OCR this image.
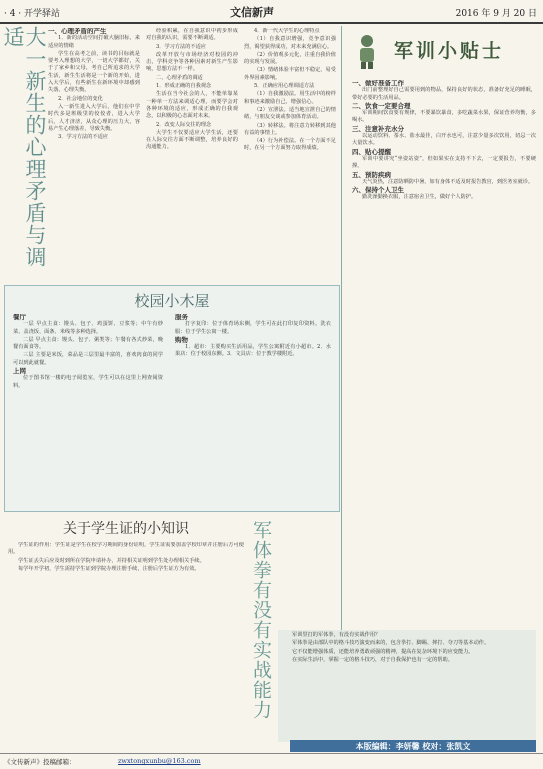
· 4 · 开学驿站	文信新声	2016 年 9 月 20 日
大一新生的心理矛盾与调适	一、心理矛盾的产生

1．新的活动空间打破大脑旧标，来适应的情绪

学生在高考之前，读书的目标就是要考入理想的大学，一切大学都好，关于了家乡和父母，考自己所追求的大学生活，新生生活将是一个新的开始，进入大学后，有些新生在新环境中却感到失落，心理失衡。

2．社会地位的变化

入一新生进入大学后，他们在中学时代多是班级里的佼佼者，进入大学后，人才济济，从众心理的压力大，容易产生心理落差，导致失衡。

3．学习方法的不适应

经验积累，在自我意识中初步形成对自我的认识，需要不断调适。

3．学习方法的不适应

改革开放与市场经济对校园的冲击，学科竞争等各种因素对新生产生影响，思想方法不一样。

二、心理矛盾的调适

1．形成正确的自我观念

生活在当今社会的人，不能单靠某一种单一方法来调适心理，而要学会对各种环境的适应，形成正确的自我观念，以积极的心态面对未来。

2．改变人际交往的理念

大学生不仅要适应大学生活，还要在人际交往方面不断调整，培养良好的沟通能力。

4．新一代大学生的心理特点

（1）自我意识增强，竞争意识强烈，渴望获得成功，对未来充满信心。

（2）价值观多元化，注重自我价值的实现与发展。

（3）情绪体验丰富但不稳定，易受外界因素影响。

5．正确应用心理调适方法

（1）自我激励法。用生活中的榜样和事迹来激励自己，增强信心。

（2）宣泄法。适当地宣泄自己的情绪，与朋友交谈或参加体育活动。

（3）转移法。将注意力转移到其他有益的事情上。

（4）行为补偿法。在一个方面不足时，在另一个方面努力取得成绩。

军训小贴士
一、做好准备工作

出门前整理好自己需要用到的物品，保持良好的状态，准备好充足的睡眠，带好必要的生活用品。

二、饮食一定要合理

军训期间饮食要有规律，不要暴饮暴食，多吃蔬菜水果，保证营养均衡，多喝水。

三、注意补充水分

以运动饮料、茶水、盐水最佳，白开水也可，注意少量多次饮用，切忌一次大量饮水。

四、贴心提醒

军训中要讲究“坐姿站姿”，但如果实在支持不下去，一定要报告，不要硬撑。

五、预防疾病

天气炎热，注意防晒防中暑，如有身体不适及时报告教官，到医务室就诊。

六、保持个人卫生

勤洗澡勤换衣服，注意宿舍卫生，做好个人防护。

校园小木屋
餐厅

一层 早点主食：馒头、包子、鸡蛋饼、豆浆等；中午有炒菜、盖浇饭、面条、米线等多种选择。

二层 早点主食：馒头、包子、粥类等；午餐有各式炒菜，晚餐有面食等。

三层 主要是米饭，菜品是三层里最丰富的，喜欢肉食的同学可以到此就餐。

上网

位于图书馆一楼的电子阅览室，学生可以在这里上网查阅资料。

服务

打字复印：位于体育场东侧，学生可在此打印复印资料。洗衣服：位于学生公寓一楼。

购物

1．超市：主要购买生活用品，学生公寓附近有小超市。2．水果店：位于校园东侧。3．文具店：位于教学楼附近。

关于学生证的小知识

学生证的作用：学生证是学生在校学习期间的身份证明，学生证需要加盖学校印章并注册后方可使用。

学生证丢失后应及时到所在学院申请补办，并持相关证明到学生处办理相关手续。

每学年开学初，学生需持学生证到学院办理注册手续，注册后学生证方为有效。	军体拳有没有实战能力	军训里打的军体拳，有没有实战作用？

军体拳是由部队中的格斗技巧演变而来的，包含拳打、脚踢、摔打、夺刀等基本动作。

它不仅能增强体质，还能培养勇敢顽强的精神，提高在复杂环境下的应变能力。

在实际生活中，掌握一定的格斗技巧，对于自我保护也有一定的帮助。

本版编辑：李妍馨 校对：张凯文
《文传新声》投稿邮箱：	zwxtongxunbu@163.com
